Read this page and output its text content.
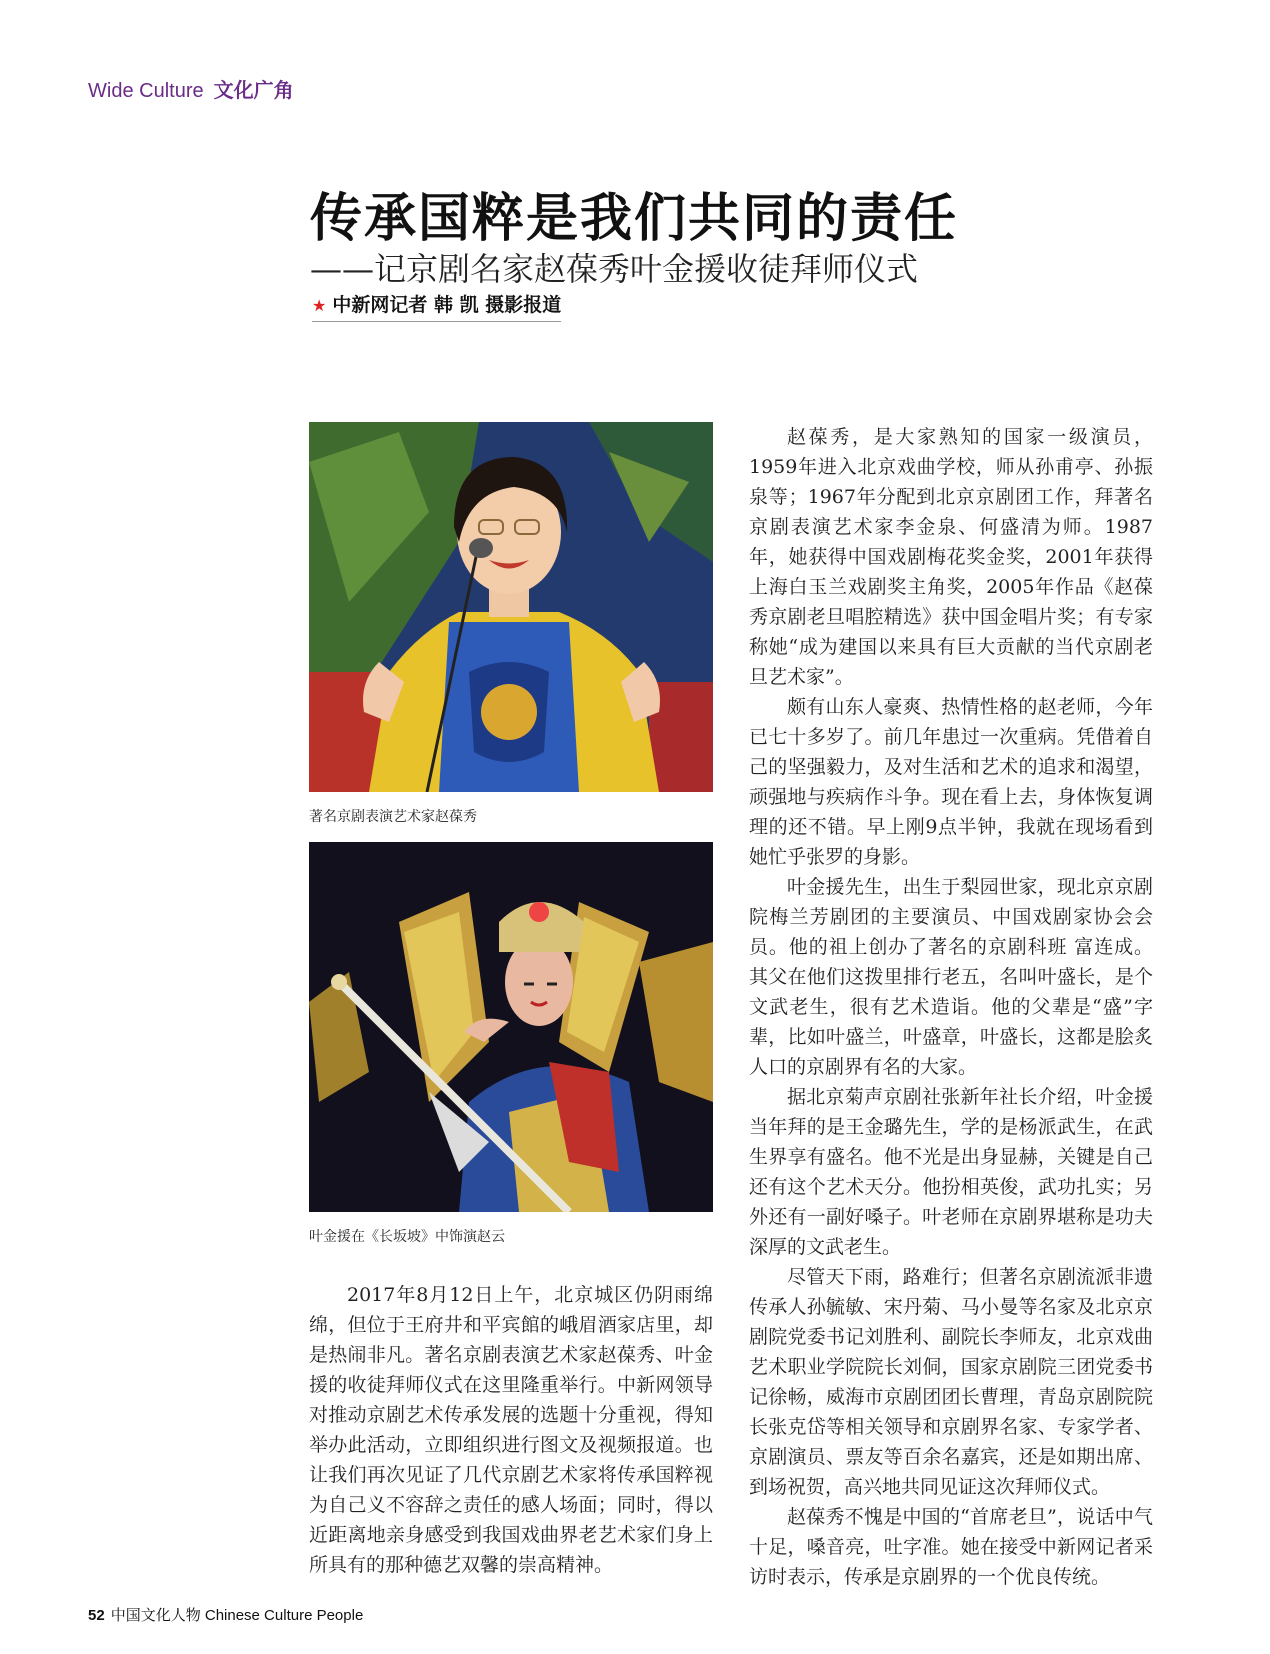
Wide Culture 文化广角
传承国粹是我们共同的责任
——记京剧名家赵葆秀叶金援收徒拜师仪式
★ 中新网记者 韩 凯 摄影报道
著名京剧表演艺术家赵葆秀
叶金援在《长坂坡》中饰演赵云

2017年8月12日上午，北京城区仍阴雨绵绵，但位于王府井和平宾館的峨眉酒家店里，却是热闹非凡。著名京剧表演艺术家赵葆秀、叶金援的收徒拜师仪式在这里隆重举行。中新网领导对推动京剧艺术传承发展的选题十分重视，得知举办此活动，立即组织进行图文及视频报道。也让我们再次见证了几代京剧艺术家将传承国粹视为自己义不容辞之责任的感人场面；同时，得以近距离地亲身感受到我国戏曲界老艺术家们身上所具有的那种德艺双馨的崇高精神。

赵葆秀，是大家熟知的国家一级演员，1959年进入北京戏曲学校，师从孙甫亭、孙振泉等；1967年分配到北京京剧团工作，拜著名京剧表演艺术家李金泉、何盛清为师。1987年，她获得中国戏剧梅花奖金奖，2001年获得上海白玉兰戏剧奖主角奖，2005年作品《赵葆秀京剧老旦唱腔精选》获中国金唱片奖；有专家称她“成为建国以来具有巨大贡献的当代京剧老旦艺术家”。

颇有山东人豪爽、热情性格的赵老师，今年已七十多岁了。前几年患过一次重病。凭借着自己的坚强毅力，及对生活和艺术的追求和渴望，顽强地与疾病作斗争。现在看上去，身体恢复调理的还不错。早上刚9点半钟，我就在现场看到她忙乎张罗的身影。

叶金援先生，出生于梨园世家，现北京京剧院梅兰芳剧团的主要演员、中国戏剧家协会会员。他的祖上创办了著名的京剧科班 富连成。其父在他们这拨里排行老五，名叫叶盛长，是个文武老生，很有艺术造诣。他的父辈是“盛”字辈，比如叶盛兰，叶盛章，叶盛长，这都是脍炙人口的京剧界有名的大家。

据北京菊声京剧社张新年社长介绍，叶金援当年拜的是王金璐先生，学的是杨派武生，在武生界享有盛名。他不光是出身显赫，关键是自己还有这个艺术天分。他扮相英俊，武功扎实；另外还有一副好嗓子。叶老师在京剧界堪称是功夫深厚的文武老生。

尽管天下雨，路难行；但著名京剧流派非遗传承人孙毓敏、宋丹菊、马小曼等名家及北京京剧院党委书记刘胜利、副院长李师友，北京戏曲艺术职业学院院长刘侗，国家京剧院三团党委书记徐畅，威海市京剧团团长曹理，青岛京剧院院长张克岱等相关领导和京剧界名家、专家学者、京剧演员、票友等百余名嘉宾，还是如期出席、到场祝贺，高兴地共同见证这次拜师仪式。

赵葆秀不愧是中国的“首席老旦”，说话中气十足，嗓音亮，吐字准。她在接受中新网记者采访时表示，传承是京剧界的一个优良传统。

52 中国文化人物 Chinese Culture People
